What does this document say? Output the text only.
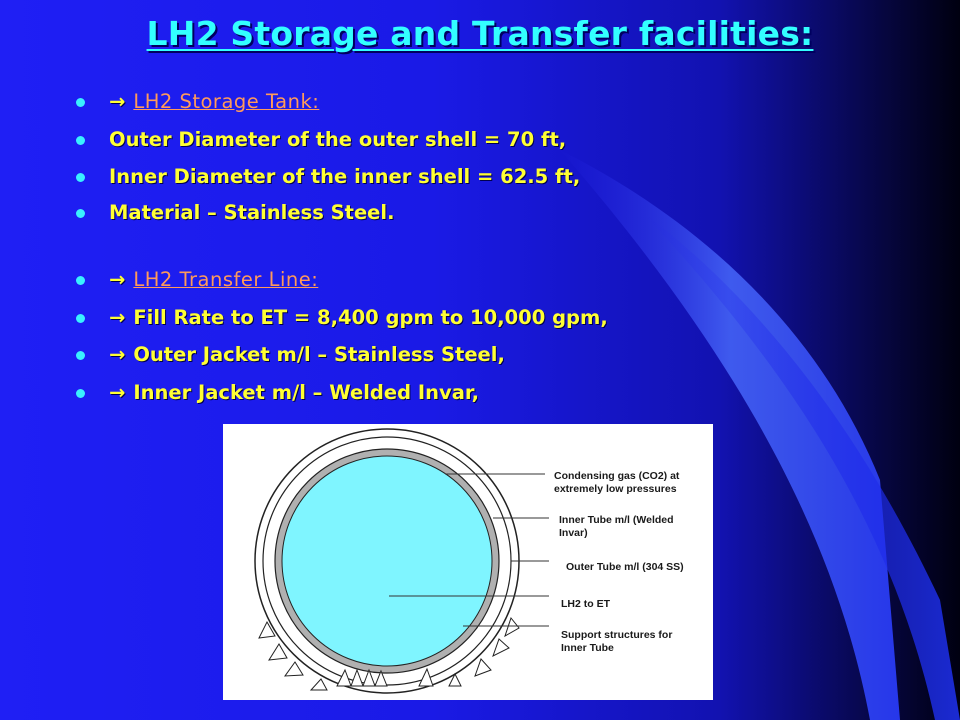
LH2 Storage and Transfer facilities:
→ LH2 Storage Tank:
Outer Diameter of the outer shell = 70 ft,
Inner Diameter of the inner shell = 62.5 ft,
Material – Stainless Steel.
→ LH2 Transfer Line:
→ Fill Rate to ET = 8,400 gpm to 10,000 gpm,
→ Outer Jacket m/l – Stainless Steel,
→ Inner Jacket m/l – Welded Invar,
Condensing gas (CO2) at
extremely low pressures
Inner Tube m/l (Welded
Invar)
Outer Tube m/l (304 SS)
LH2 to ET
Support structures for
Inner Tube
